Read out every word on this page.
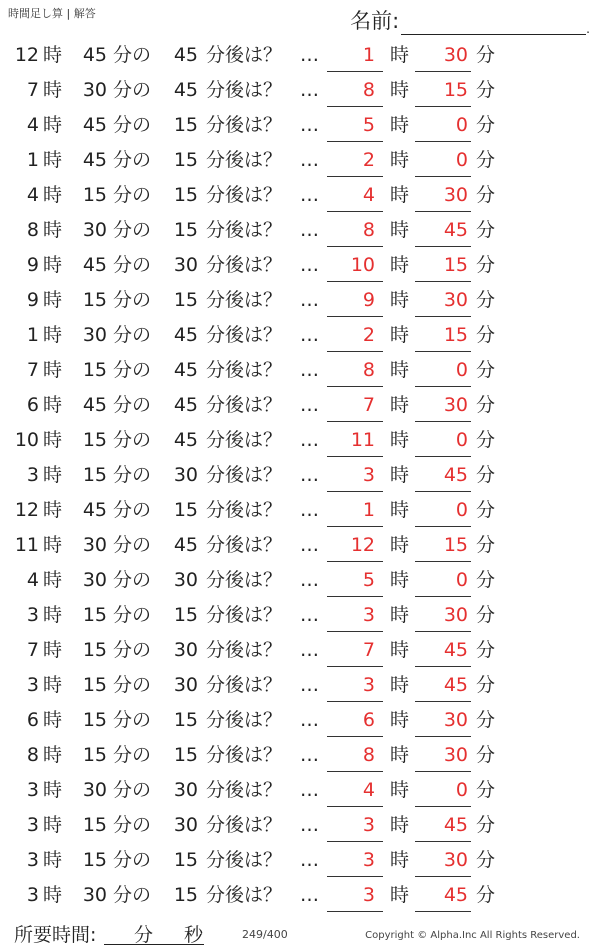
時間足し算 | 解答	名前:	.
12 時	45 分の	45 分後は？ …	1 時	30 分
7 時	30 分の	45 分後は？ …	8 時	15 分
4 時	45 分の	15 分後は？ …	5 時	0 分
1 時	45 分の	15 分後は？ …	2 時	0 分
4 時	15 分の	15 分後は？ …	4 時	30 分
8 時	30 分の	15 分後は？ …	8 時	45 分
9 時	45 分の	30 分後は？ …	10 時	15 分
9 時	15 分の	15 分後は？ …	9 時	30 分
1 時	30 分の	45 分後は？ …	2 時	15 分
7 時	15 分の	45 分後は？ …	8 時	0 分
6 時	45 分の	45 分後は？ …	7 時	30 分
10 時	15 分の	45 分後は？ …	11 時	0 分
3 時	15 分の	30 分後は？ …	3 時	45 分
12 時	45 分の	15 分後は？ …	1 時	0 分
11 時	30 分の	45 分後は？ …	12 時	15 分
4 時	30 分の	30 分後は？ …	5 時	0 分
3 時	15 分の	15 分後は？ …	3 時	30 分
7 時	15 分の	30 分後は？ …	7 時	45 分
3 時	15 分の	30 分後は？ …	3 時	45 分
6 時	15 分の	15 分後は？ …	6 時	30 分
8 時	15 分の	15 分後は？ …	8 時	30 分
3 時	30 分の	30 分後は？ …	4 時	0 分
3 時	15 分の	30 分後は？ …	3 時	45 分
3 時	15 分の	15 分後は？ …	3 時	30 分
3 時	30 分の	15 分後は？ …	3 時	45 分
所要時間: 分 秒	249/400	Copyright © Alpha.Inc All Rights Reserved.
